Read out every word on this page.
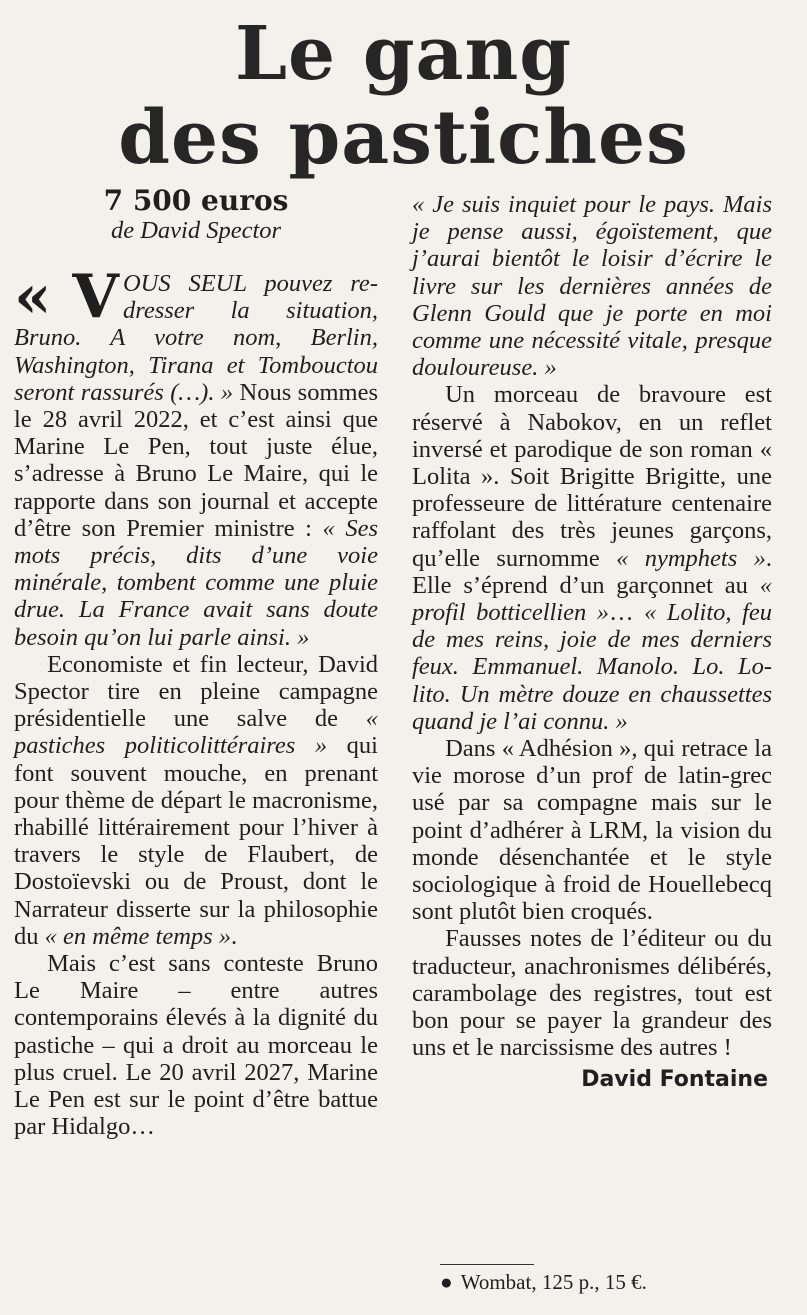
Le gang
des pastiches
7 500 euros
de David Spector

« V OUS SEUL pouvez redresser la situation, Bruno. A votre nom, Berlin, Washington, Tirana et Tombouctou seront rassurés (…). » Nous sommes le 28 avril 2022, et c’est ainsi que Marine Le Pen, tout juste élue, s’adresse à Bruno Le Maire, qui le rapporte dans son journal et accepte d’être son Premier ministre : « Ses mots précis, dits d’une voie minérale, tombent comme une pluie drue. La France avait sans doute besoin qu’on lui parle ainsi. »

Economiste et fin lecteur, David Spector tire en pleine campagne présidentielle une salve de « pastiches politicolittéraires » qui font souvent mouche, en prenant pour thème de départ le macronisme, rhabillé littérairement pour l’hiver à travers le style de Flaubert, de Dostoïevski ou de Proust, dont le Narrateur disserte sur la philosophie du « en même temps ».

Mais c’est sans conteste Bruno Le Maire – entre autres contemporains élevés à la dignité du pastiche – qui a droit au morceau le plus cruel. Le 20 avril 2027, Marine Le Pen est sur le point d’être battue par Hidalgo…

« Je suis inquiet pour le pays. Mais je pense aussi, égoïstement, que j’aurai bientôt le loisir d’écrire le livre sur les dernières années de Glenn Gould que je porte en moi comme une nécessité vitale, presque douloureuse. »

Un morceau de bravoure est réservé à Nabokov, en un reflet inversé et parodique de son roman « Lolita ». Soit Brigitte Brigitte, une professeure de littérature centenaire raffolant des très jeunes garçons, qu’elle surnomme « nymphets ». Elle s’éprend d’un garçonnet au « profil botticellien »… « Lolito, feu de mes reins, joie de mes derniers feux. Emmanuel. Manolo. Lo. Lolito. Un mètre douze en chaussettes quand je l’ai connu. »

Dans « Adhésion », qui retrace la vie morose d’un prof de latin-grec usé par sa compagne mais sur le point d’adhérer à LRM, la vision du monde désenchantée et le style sociologique à froid de Houellebecq sont plutôt bien croqués.

Fausses notes de l’éditeur ou du traducteur, anachronismes délibérés, carambolage des registres, tout est bon pour se payer la grandeur des uns et le narcissisme des autres !

David Fontaine

● Wombat, 125 p., 15 €.
